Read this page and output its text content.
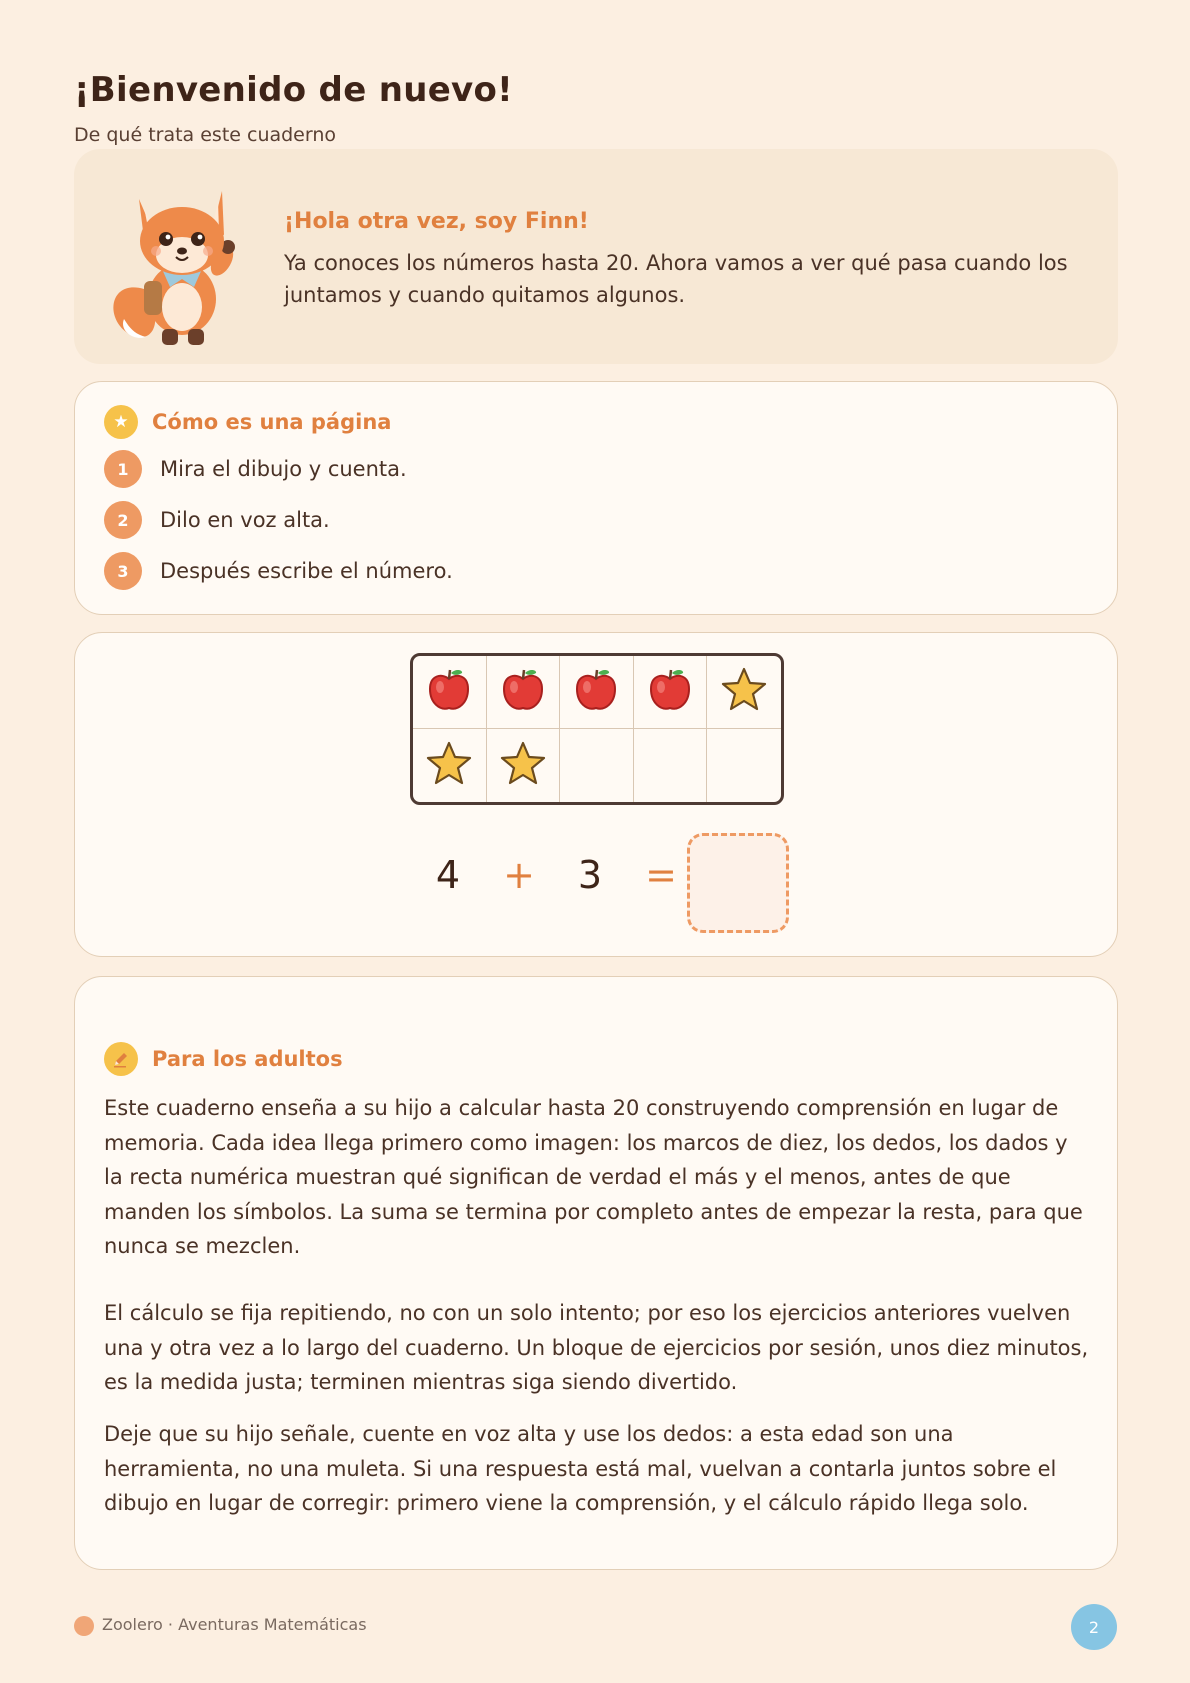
¡Bienvenido de nuevo!
De qué trata este cuaderno
¡Hola otra vez, soy Finn!

Ya conoces los números hasta 20. Ahora vamos a ver qué pasa cuando los juntamos y cuando quitamos algunos.

★	Cómo es una página
1	Mira el dibujo y cuenta.
2	Dilo en voz alta.
3	Después escribe el número.
4	+	3	=
Para los adultos

Este cuaderno enseña a su hijo a calcular hasta 20 construyendo comprensión en lugar de memoria. Cada idea llega primero como imagen: los marcos de diez, los dedos, los dados y la recta numérica muestran qué significan de verdad el más y el menos, antes de que manden los símbolos. La suma se termina por completo antes de empezar la resta, para que nunca se mezclen.

El cálculo se fija repitiendo, no con un solo intento; por eso los ejercicios anteriores vuelven una y otra vez a lo largo del cuaderno. Un bloque de ejercicios por sesión, unos diez minutos, es la medida justa; terminen mientras siga siendo divertido.

Deje que su hijo señale, cuente en voz alta y use los dedos: a esta edad son una herramienta, no una muleta. Si una respuesta está mal, vuelvan a contarla juntos sobre el dibujo en lugar de corregir: primero viene la comprensión, y el cálculo rápido llega solo.

Zoolero · Aventuras Matemáticas	2
